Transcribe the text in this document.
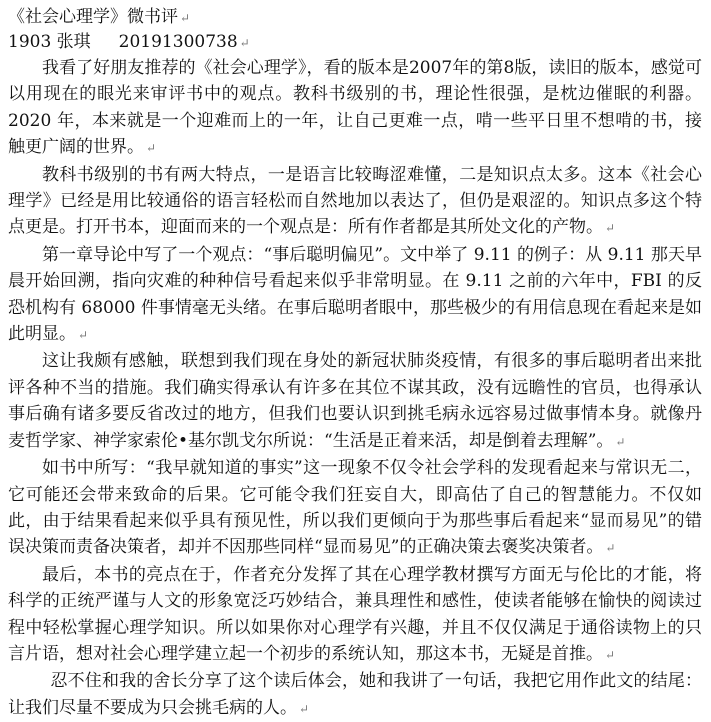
《社会心理学》微书评 ↵

1903 张琪 20191300738 ↵

我看了好朋友推荐的《社会心理学》，看的版本是2007年的第8版，读旧的版本，感觉可以用现在的眼光来审评书中的观点。教科书级别的书，理论性很强，是枕边催眠的利器。2020 年，本来就是一个迎难而上的一年，让自己更难一点，啃一些平日里不想啃的书，接触更广阔的世界。 ↵

教科书级别的书有两大特点，一是语言比较晦涩难懂，二是知识点太多。这本《社会心理学》已经是用比较通俗的语言轻松而自然地加以表达了，但仍是艰涩的。知识点多这个特点更是。打开书本，迎面而来的一个观点是：所有作者都是其所处文化的产物。 ↵

第一章导论中写了一个观点：“事后聪明偏见”。文中举了 9.11 的例子：从 9.11 那天早晨开始回溯，指向灾难的种种信号看起来似乎非常明显。在 9.11 之前的六年中，FBI 的反恐机构有 68000 件事情毫无头绪。在事后聪明者眼中，那些极少的有用信息现在看起来是如此明显。 ↵

这让我颇有感触，联想到我们现在身处的新冠状肺炎疫情，有很多的事后聪明者出来批评各种不当的措施。我们确实得承认有许多在其位不谋其政，没有远瞻性的官员，也得承认事后确有诸多要反省改过的地方，但我们也要认识到挑毛病永远容易过做事情本身。就像丹麦哲学家、神学家索伦•基尔凯戈尔所说：“生活是正着来活，却是倒着去理解”。 ↵

如书中所写：“我早就知道的事实”这一现象不仅令社会学科的发现看起来与常识无二，它可能还会带来致命的后果。它可能令我们狂妄自大，即高估了自己的智慧能力。不仅如此，由于结果看起来似乎具有预见性，所以我们更倾向于为那些事后看起来“显而易见”的错误决策而责备决策者，却并不因那些同样“显而易见”的正确决策去褒奖决策者。 ↵

最后，本书的亮点在于，作者充分发挥了其在心理学教材撰写方面无与伦比的才能，将科学的正统严谨与人文的形象宽泛巧妙结合，兼具理性和感性，使读者能够在愉快的阅读过程中轻松掌握心理学知识。所以如果你对心理学有兴趣，并且不仅仅满足于通俗读物上的只言片语，想对社会心理学建立起一个初步的系统认知，那这本书，无疑是首推。 ↵

忍不住和我的舍长分享了这个读后体会，她和我讲了一句话，我把它用作此文的结尾：让我们尽量不要成为只会挑毛病的人。 ↵
